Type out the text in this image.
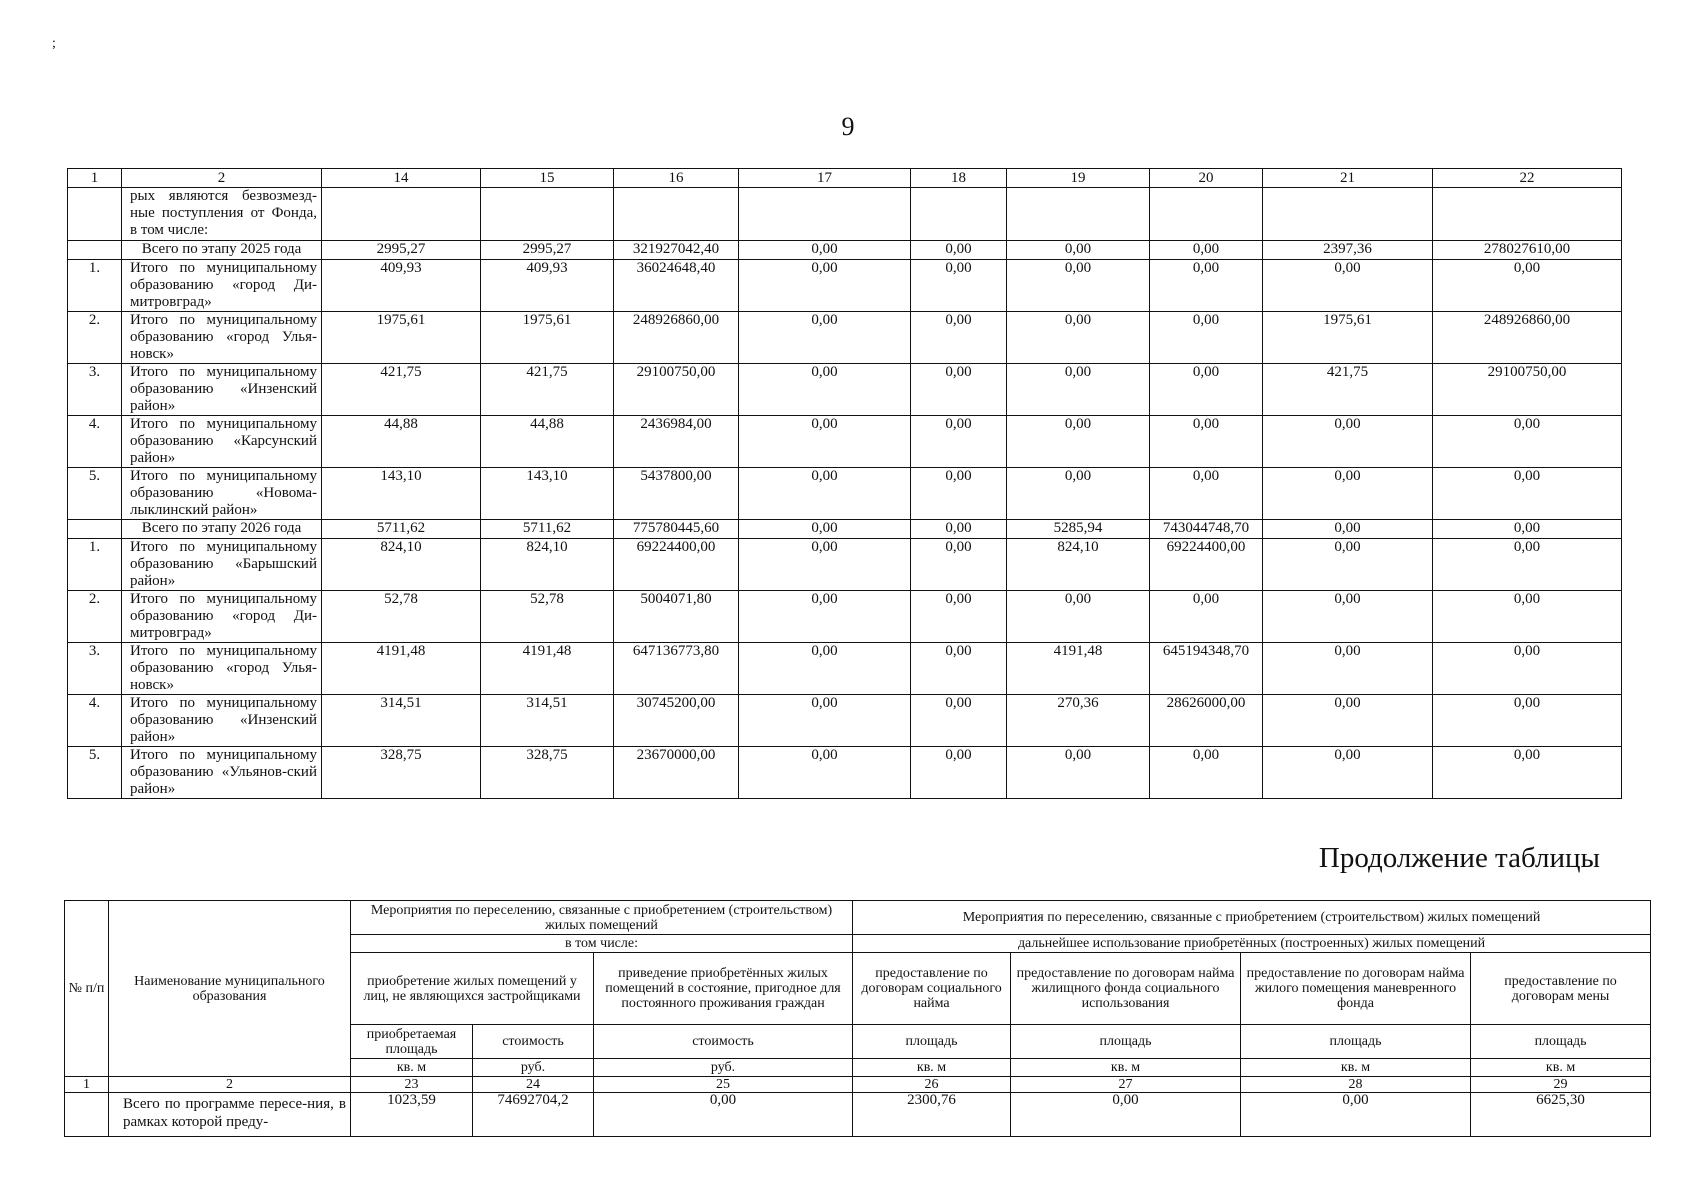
;
9
1	2	14	15	16	17	18	19	20	21	22
	рых являются безвозмезд-ные поступления от Фонда, в том числе:									
	Всего по этапу 2025 года	2995,27	2995,27	321927042,40	0,00	0,00	0,00	0,00	2397,36	278027610,00
1.	Итого по муниципальному образованию «город Ди-митровград»	409,93	409,93	36024648,40	0,00	0,00	0,00	0,00	0,00	0,00
2.	Итого по муниципальному образованию «город Улья-новск»	1975,61	1975,61	248926860,00	0,00	0,00	0,00	0,00	1975,61	248926860,00
3.	Итого по муниципальному образованию «Инзенский район»	421,75	421,75	29100750,00	0,00	0,00	0,00	0,00	421,75	29100750,00
4.	Итого по муниципальному образованию «Карсунский район»	44,88	44,88	2436984,00	0,00	0,00	0,00	0,00	0,00	0,00
5.	Итого по муниципальному образованию «Новома-лыклинский район»	143,10	143,10	5437800,00	0,00	0,00	0,00	0,00	0,00	0,00
	Всего по этапу 2026 года	5711,62	5711,62	775780445,60	0,00	0,00	5285,94	743044748,70	0,00	0,00
1.	Итого по муниципальному образованию «Барышский район»	824,10	824,10	69224400,00	0,00	0,00	824,10	69224400,00	0,00	0,00
2.	Итого по муниципальному образованию «город Ди-митровград»	52,78	52,78	5004071,80	0,00	0,00	0,00	0,00	0,00	0,00
3.	Итого по муниципальному образованию «город Улья-новск»	4191,48	4191,48	647136773,80	0,00	0,00	4191,48	645194348,70	0,00	0,00
4.	Итого по муниципальному образованию «Инзенский район»	314,51	314,51	30745200,00	0,00	0,00	270,36	28626000,00	0,00	0,00
5.	Итого по муниципальному образованию «Ульянов-ский район»	328,75	328,75	23670000,00	0,00	0,00	0,00	0,00	0,00	0,00
Продолжение таблицы
№ п/п	Наименование муниципального образования	Мероприятия по переселению, связанные с приобретением (строительством) жилых помещений			Мероприятия по переселению, связанные с приобретением (строительством) жилых помещений			
		в том числе:			дальнейшее использование приобретённых (построенных) жилых помещений			
		приобретение жилых помещений у лиц, не являющихся застройщиками		приведение приобретённых жилых помещений в состояние, пригодное для постоянного проживания граждан	предоставление по договорам социального найма	предоставление по договорам найма жилищного фонда социального использования	предоставление по договорам найма жилого помещения маневренного фонда	предоставление по договорам мены
		приобретаемая площадь	стоимость	стоимость	площадь	площадь	площадь	площадь
		кв. м	руб.	руб.	кв. м	кв. м	кв. м	кв. м
1	2	23	24	25	26	27	28	29
	Всего по программе пересе-ния, в рамках которой преду-	1023,59	74692704,2	0,00	2300,76	0,00	0,00	6625,30
